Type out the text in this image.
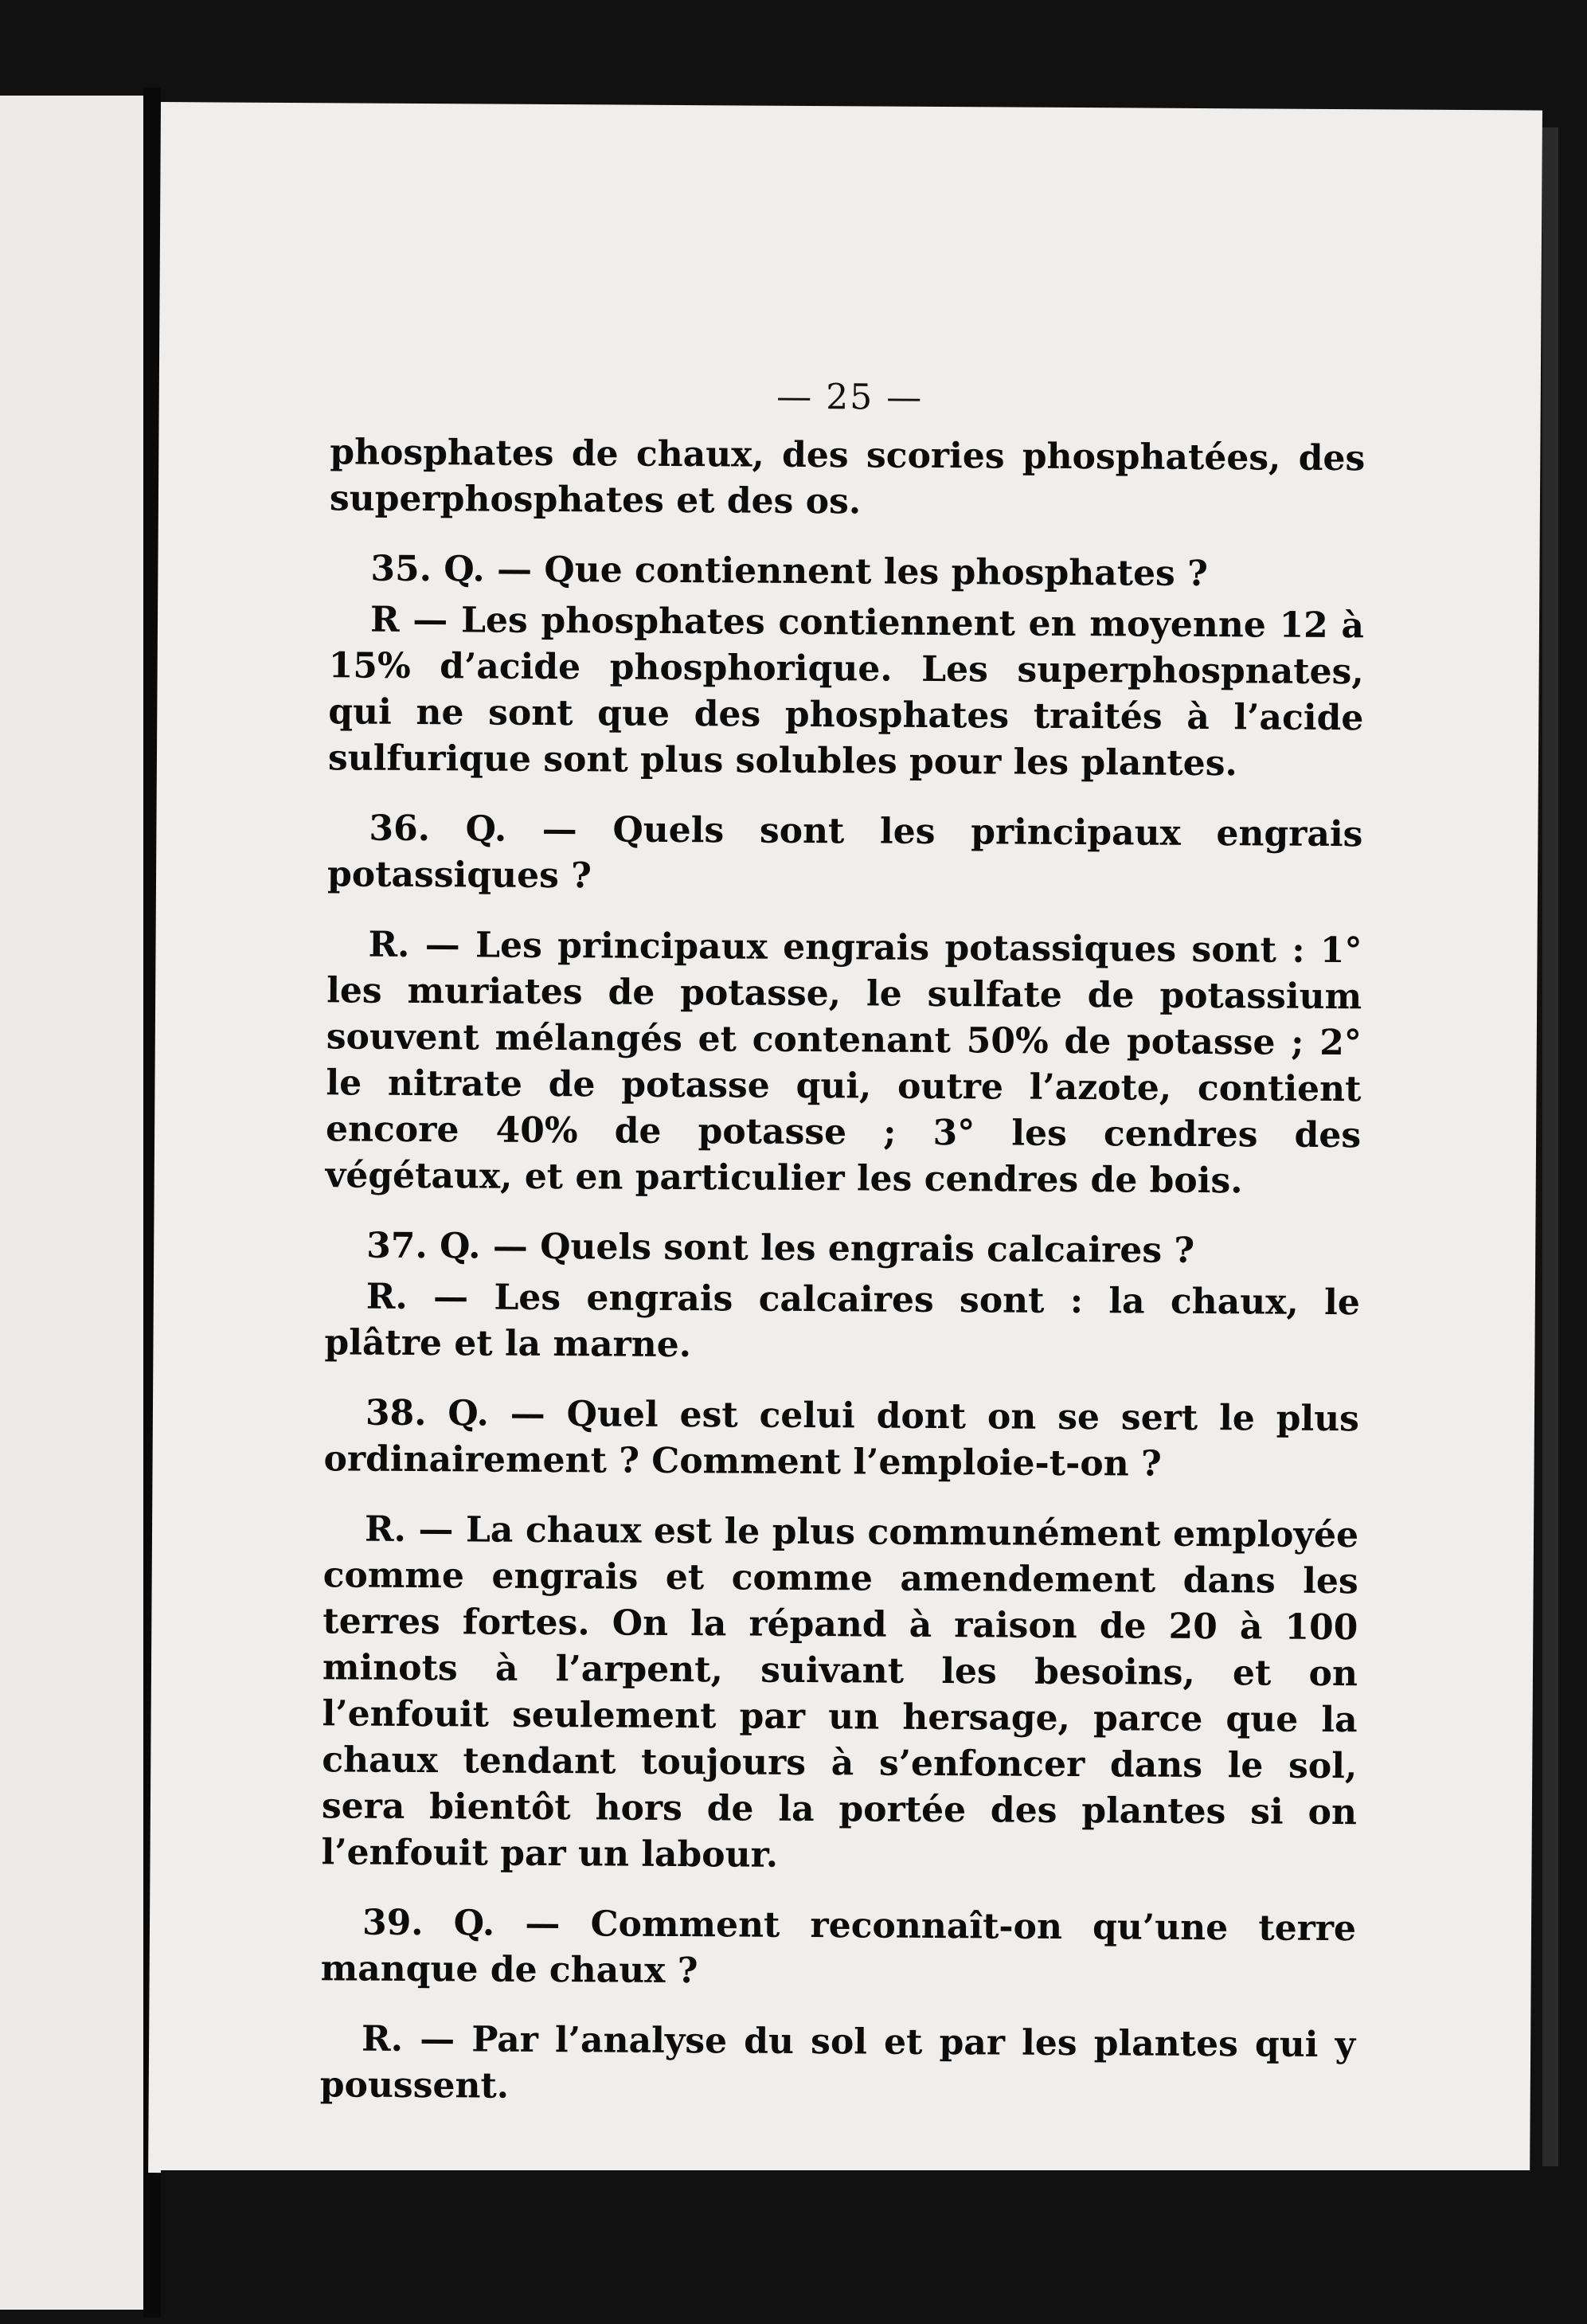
— 25 —

phosphates de chaux, des scories phosphatées, des superphosphates et des os.

35. Q. — Que contiennent les phosphates ?

R — Les phosphates contiennent en moyenne 12 à 15% d’acide phosphorique. Les superphospnates, qui ne sont que des phosphates traités à l’acide sulfurique sont plus solubles pour les plantes.

36. Q. — Quels sont les principaux engrais potassiques ?

R. — Les principaux engrais potassiques sont : 1° les muriates de potasse, le sulfate de potassium souvent mélangés et contenant 50% de potasse ; 2° le nitrate de potasse qui, outre l’azote, contient encore 40% de potasse ; 3° les cendres des végétaux, et en particulier les cendres de bois.

37. Q. — Quels sont les engrais calcaires ?

R. — Les engrais calcaires sont : la chaux, le plâtre et la marne.

38. Q. — Quel est celui dont on se sert le plus ordinairement ? Comment l’emploie-t-on ?

R. — La chaux est le plus communément employée comme engrais et comme amendement dans les terres fortes. On la répand à raison de 20 à 100 minots à l’arpent, suivant les besoins, et on l’enfouit seulement par un hersage, parce que la chaux tendant toujours à s’enfoncer dans le sol, sera bientôt hors de la portée des plantes si on l’enfouit par un labour.

39. Q. — Comment reconnaît-on qu’une terre manque de chaux ?

R. — Par l’analyse du sol et par les plantes qui y poussent.
